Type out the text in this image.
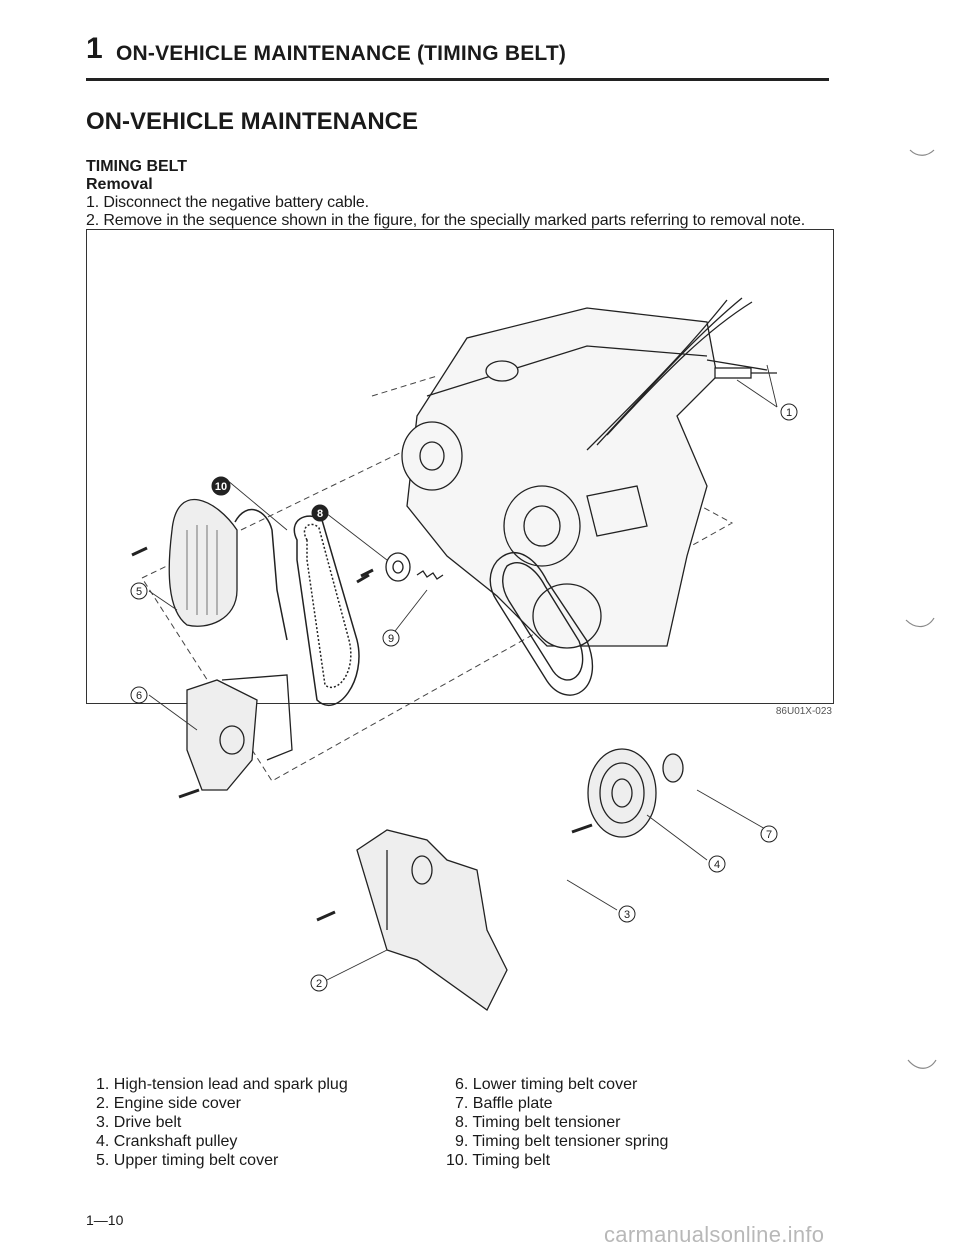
1 ON-VEHICLE MAINTENANCE (TIMING BELT)
ON-VEHICLE MAINTENANCE
TIMING BELT
Removal
1. Disconnect the negative battery cable.
2. Remove in the sequence shown in the figure, for the specially marked parts referring to removal note.
1
2
3
4
5
6
7
8
9
10
86U01X-023
1. High-tension lead and spark plug
2. Engine side cover
3. Drive belt
4. Crankshaft pulley
5. Upper timing belt cover
6. Lower timing belt cover
7. Baffle plate
8. Timing belt tensioner
9. Timing belt tensioner spring
10. Timing belt
1—10
carmanualsonline.info
